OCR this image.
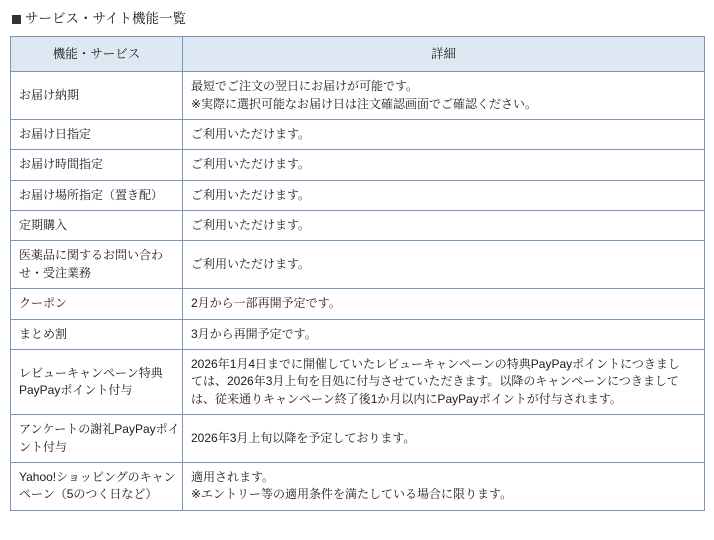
サービス・サイト機能一覧
機能・サービス	詳細

お届け納期	最短でご注文の翌日にお届けが可能です。
※実際に選択可能なお届け日は注文確認画面でご確認ください。

お届け日指定	ご利用いただけます。

お届け時間指定	ご利用いただけます。

お届け場所指定（置き配）	ご利用いただけます。

定期購入	ご利用いただけます。

医薬品に関するお問い合わ
せ・受注業務	ご利用いただけます。

クーポン	2月から一部再開予定です。

まとめ割	3月から再開予定です。

レビューキャンペーン特典
PayPayポイント付与	2026年1月4日までに開催していたレビューキャンペーンの特典PayPayポイントにつきまし
ては、2026年3月上旬を目処に付与させていただきます。以降のキャンペーンにつきまして
は、従来通りキャンペーン終了後1か月以内にPayPayポイントが付与されます。

アンケートの謝礼PayPayポイ
ント付与	2026年3月上旬以降を予定しております。

Yahoo!ショッピングのキャン
ペーン（5のつく日など）	適用されます。
※エントリー等の適用条件を満たしている場合に限ります。
